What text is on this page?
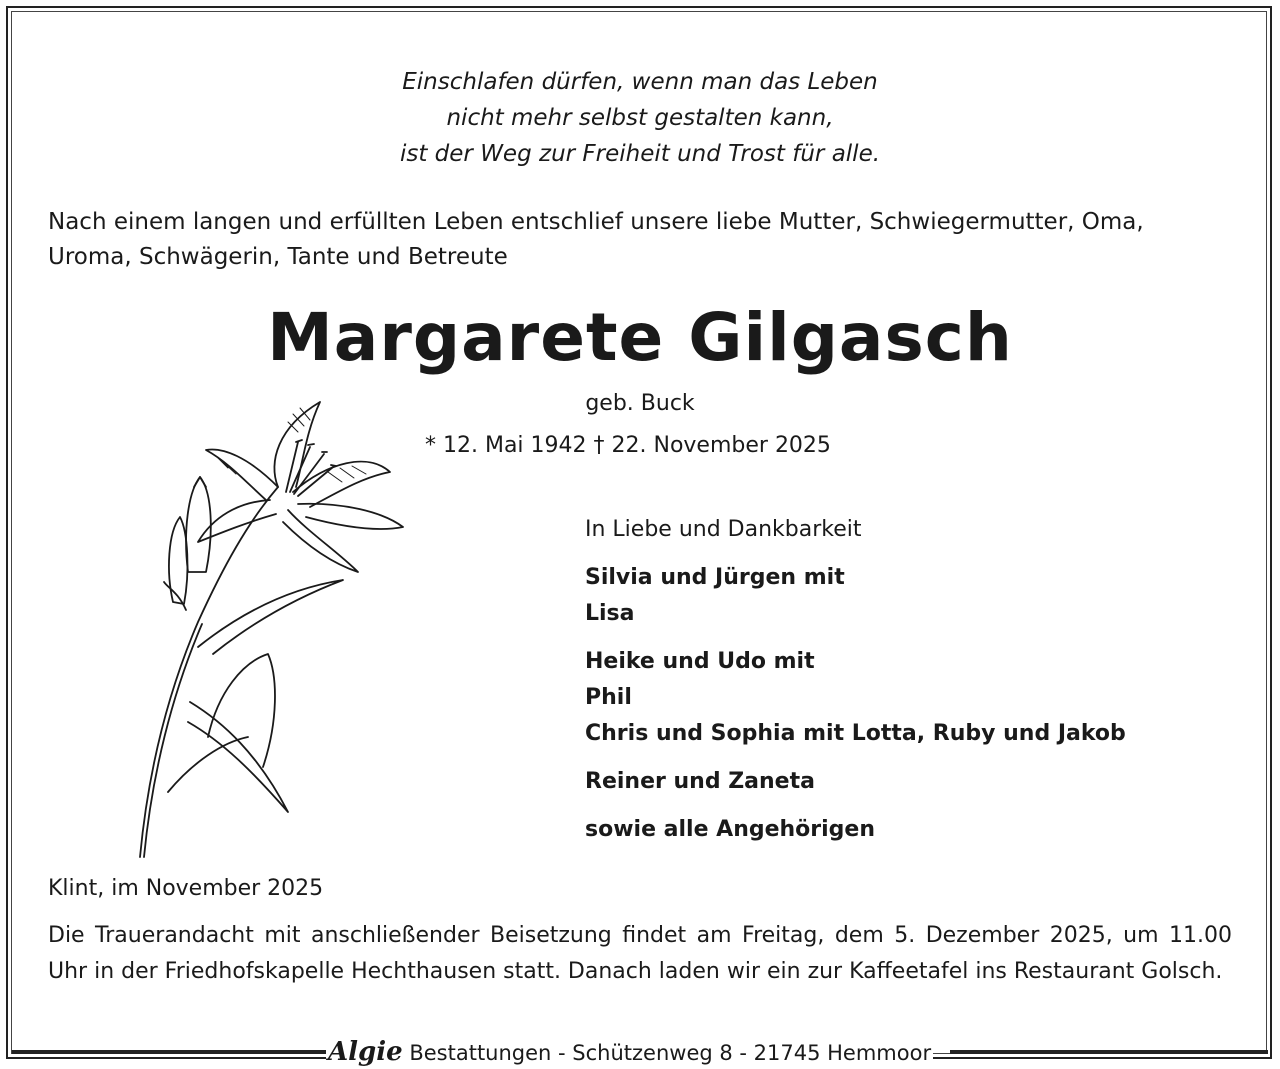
Einschlafen dürfen, wenn man das Leben
nicht mehr selbst gestalten kann,
ist der Weg zur Freiheit und Trost für alle.
Nach einem langen und erfüllten Leben entschlief unsere liebe Mutter, Schwiegermutter, Oma,
Uroma, Schwägerin, Tante und Betreute
Margarete Gilgasch
geb. Buck
* 12. Mai 1942 † 22. November 2025
In Liebe und Dankbarkeit
Silvia und Jürgen mit
Lisa
Heike und Udo mit
Phil
Chris und Sophia mit Lotta, Ruby und Jakob
Reiner und Zaneta
sowie alle Angehörigen
Klint, im November 2025
Die Trauerandacht mit anschließender Beisetzung findet am Freitag, dem 5. Dezember 2025, um 11.00 Uhr in der Friedhofskapelle Hechthausen statt. Danach laden wir ein zur Kaffeetafel ins Restaurant Golsch.
Algie Bestattungen - Schützenweg 8 - 21745 Hemmoor
